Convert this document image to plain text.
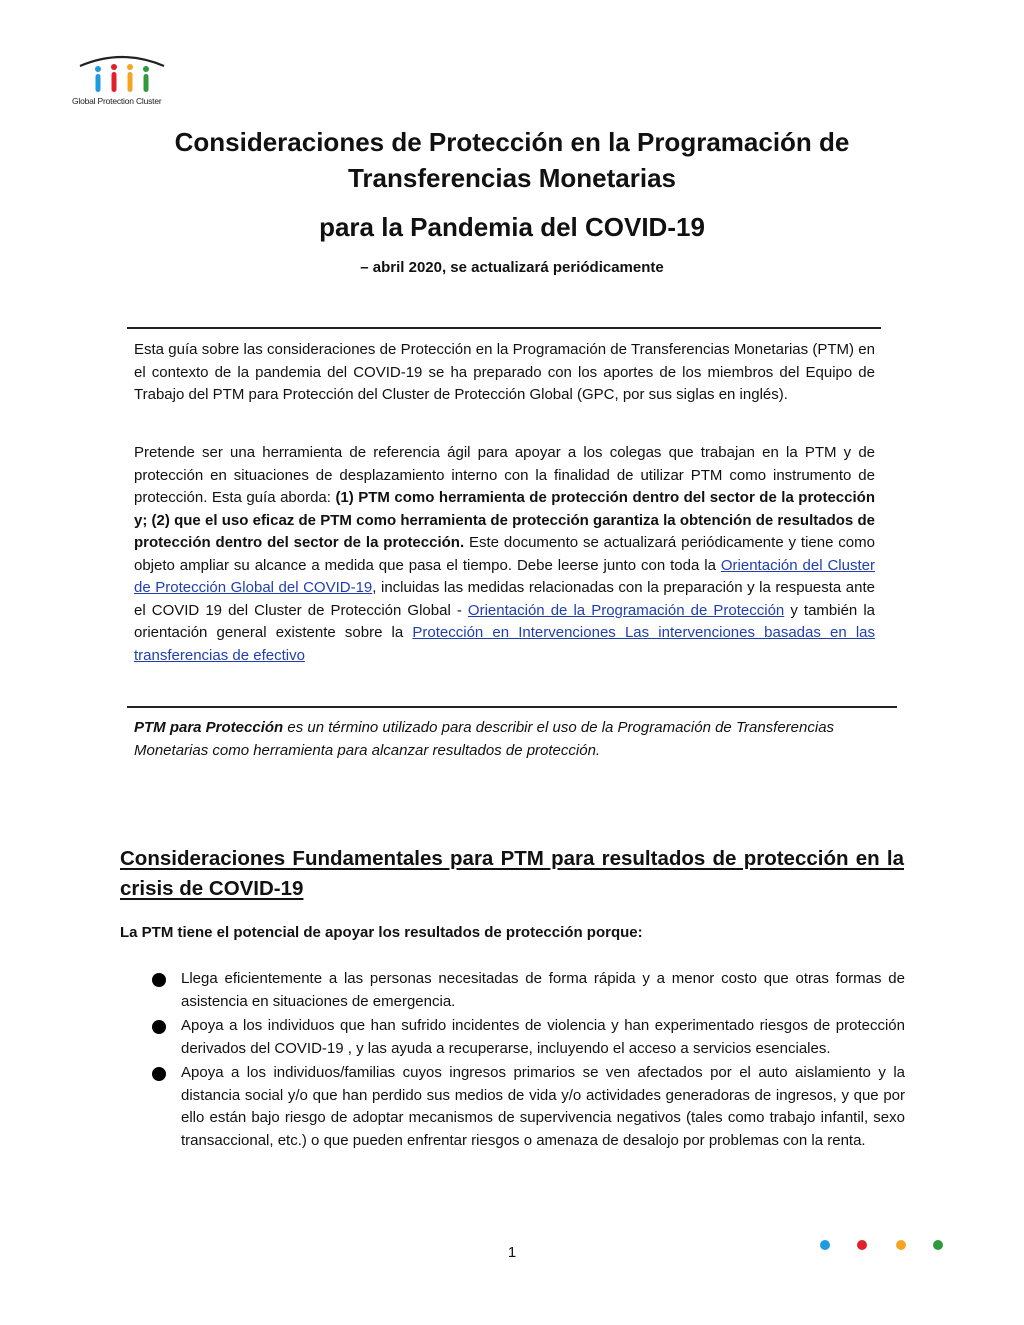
Global Protection Cluster
Consideraciones de Protección en la Programación de
Transferencias Monetarias
para la Pandemia del COVID-19
– abril 2020, se actualizará periódicamente
Esta guía sobre las consideraciones de Protección en la Programación de Transferencias Monetarias (PTM) en el contexto de la pandemia del COVID-19 se ha preparado con los aportes de los miembros del Equipo de Trabajo del PTM para Protección del Cluster de Protección Global (GPC, por sus siglas en inglés).
Pretende ser una herramienta de referencia ágil para apoyar a los colegas que trabajan en la PTM y de protección en situaciones de desplazamiento interno con la finalidad de utilizar PTM como instrumento de protección. Esta guía aborda: (1) PTM como herramienta de protección dentro del sector de la protección y; (2) que el uso eficaz de PTM como herramienta de protección garantiza la obtención de resultados de protección dentro del sector de la protección. Este documento se actualizará periódicamente y tiene como objeto ampliar su alcance a medida que pasa el tiempo. Debe leerse junto con toda la Orientación del Cluster de Protección Global del COVID-19, incluidas las medidas relacionadas con la preparación y la respuesta ante el COVID 19 del Cluster de Protección Global - Orientación de la Programación de Protección y también la orientación general existente sobre la Protección en Intervenciones Las intervenciones basadas en las transferencias de efectivo
PTM para Protección es un término utilizado para describir el uso de la Programación de Transferencias Monetarias como herramienta para alcanzar resultados de protección.
Consideraciones Fundamentales para PTM para resultados de protección en la crisis de COVID-19
La PTM tiene el potencial de apoyar los resultados de protección porque:
Llega eficientemente a las personas necesitadas de forma rápida y a menor costo que otras formas de asistencia en situaciones de emergencia.
Apoya a los individuos que han sufrido incidentes de violencia y han experimentado riesgos de protección derivados del COVID-19 , y las ayuda a recuperarse, incluyendo el acceso a servicios esenciales.
Apoya a los individuos/familias cuyos ingresos primarios se ven afectados por el auto aislamiento y la distancia social y/o que han perdido sus medios de vida y/o actividades generadoras de ingresos, y que por ello están bajo riesgo de adoptar mecanismos de supervivencia negativos (tales como trabajo infantil, sexo transaccional, etc.) o que pueden enfrentar riesgos o amenaza de desalojo por problemas con la renta.
1
